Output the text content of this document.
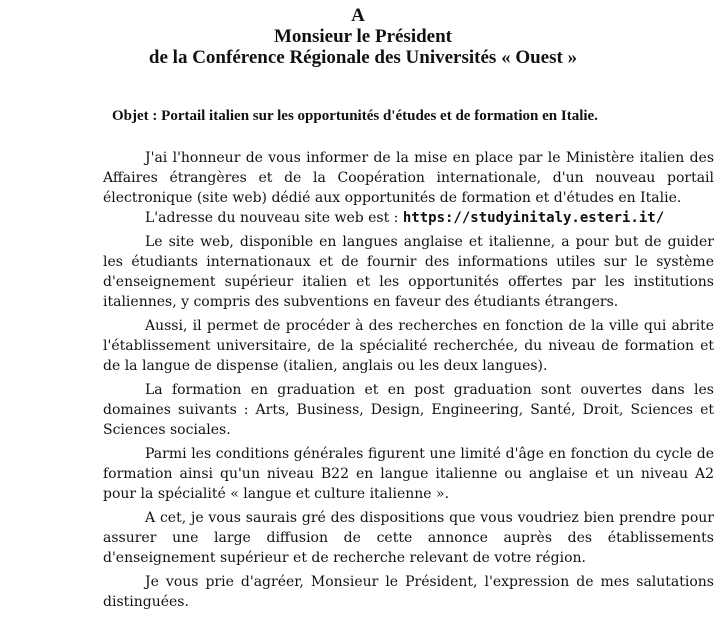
A
Monsieur le Président
de la Conférence Régionale des Universités « Ouest »
Objet : Portail italien sur les opportunités d'études et de formation en Italie.

J'ai l'honneur de vous informer de la mise en place par le Ministère italien des Affaires étrangères et de la Coopération internationale, d'un nouveau portail électronique (site web) dédié aux opportunités de formation et d'études en Italie.

L'adresse du nouveau site web est : https://studyinitaly.esteri.it/

Le site web, disponible en langues anglaise et italienne, a pour but de guider les étudiants internationaux et de fournir des informations utiles sur le système d'enseignement supérieur italien et les opportunités offertes par les institutions italiennes, y compris des subventions en faveur des étudiants étrangers.

Aussi, il permet de procéder à des recherches en fonction de la ville qui abrite l'établissement universitaire, de la spécialité recherchée, du niveau de formation et de la langue de dispense (italien, anglais ou les deux langues).

La formation en graduation et en post graduation sont ouvertes dans les domaines suivants : Arts, Business, Design, Engineering, Santé, Droit, Sciences et Sciences sociales.

Parmi les conditions générales figurent une limité d'âge en fonction du cycle de formation ainsi qu'un niveau B22 en langue italienne ou anglaise et un niveau A2 pour la spécialité « langue et culture italienne ».

A cet, je vous saurais gré des dispositions que vous voudriez bien prendre pour assurer une large diffusion de cette annonce auprès des établissements d'enseignement supérieur et de recherche relevant de votre région.

Je vous prie d'agréer, Monsieur le Président, l'expression de mes salutations distinguées.
